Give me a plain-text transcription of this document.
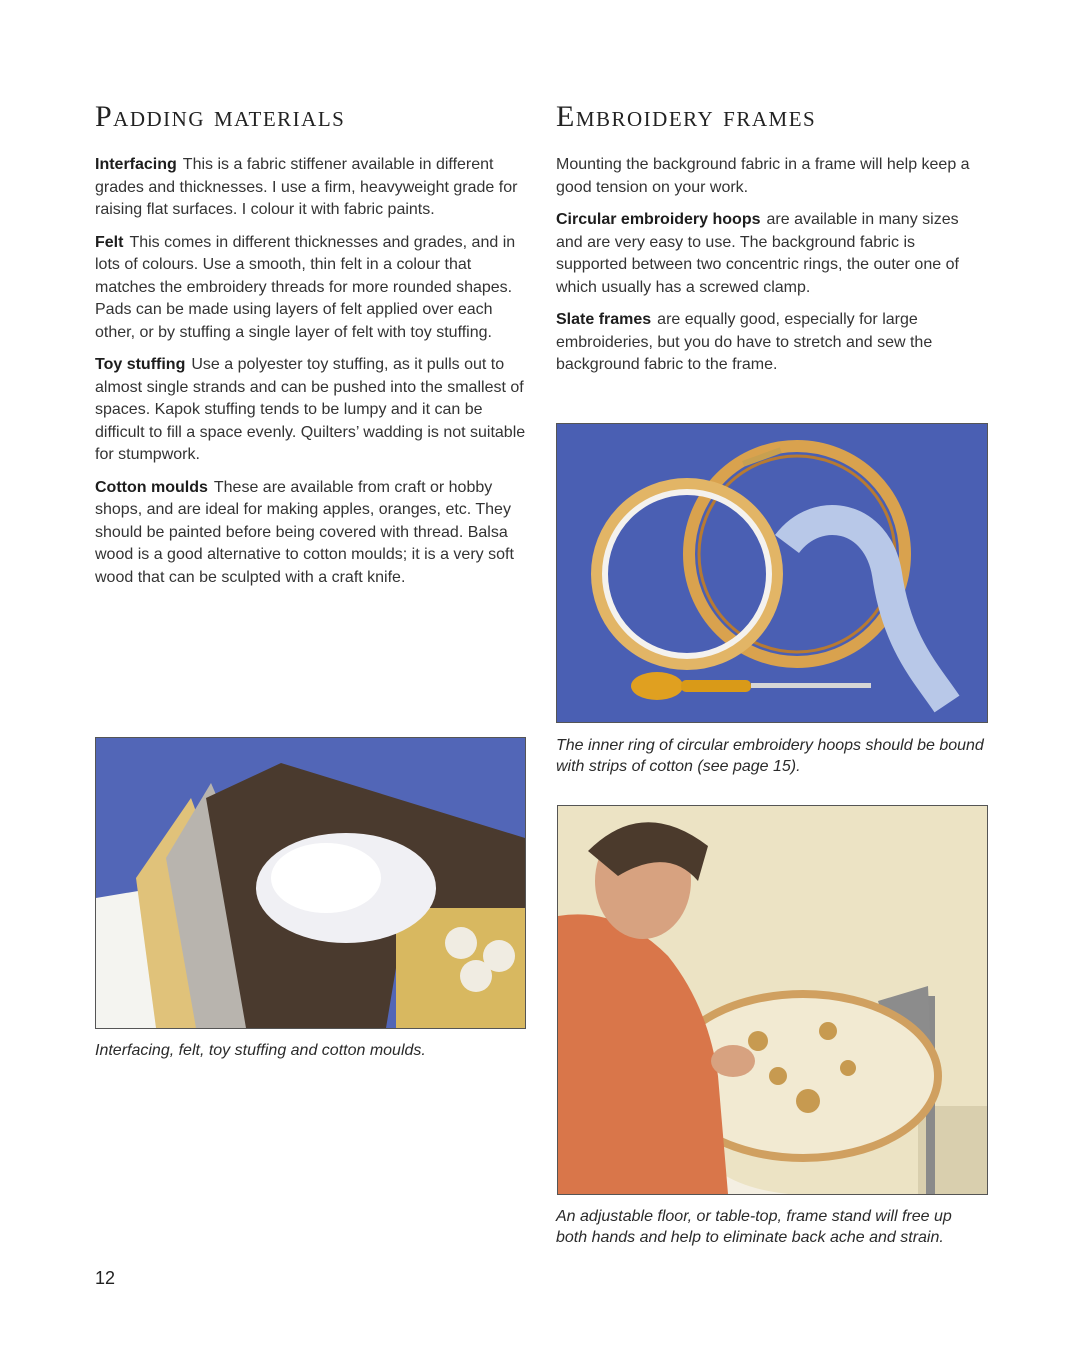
Padding materials

Interfacing This is a fabric stiffener available in different grades and thicknesses. I use a firm, heavyweight grade for raising flat surfaces. I colour it with fabric paints.

Felt This comes in different thicknesses and grades, and in lots of colours. Use a smooth, thin felt in a colour that matches the embroidery threads for more rounded shapes. Pads can be made using layers of felt applied over each other, or by stuffing a single layer of felt with toy stuffing.

Toy stuffing Use a polyester toy stuffing, as it pulls out to almost single strands and can be pushed into the smallest of spaces. Kapok stuffing tends to be lumpy and it can be difficult to fill a space evenly. Quilters’ wadding is not suitable for stumpwork.

Cotton moulds These are available from craft or hobby shops, and are ideal for making apples, oranges, etc. They should be painted before being covered with thread. Balsa wood is a good alternative to cotton moulds; it is a very soft wood that can be sculpted with a craft knife.

Embroidery frames

Mounting the background fabric in a frame will help keep a good tension on your work.

Circular embroidery hoops are available in many sizes and are very easy to use. The background fabric is supported between two concentric rings, the outer one of which usually has a screwed clamp.

Slate frames are equally good, especially for large embroideries, but you do have to stretch and sew the background fabric to the frame.

The inner ring of circular embroidery hoops should be bound with strips of cotton (see page 15).
Interfacing, felt, toy stuffing and cotton moulds.
An adjustable floor, or table-top, frame stand will free up both hands and help to eliminate back ache and strain.
12
